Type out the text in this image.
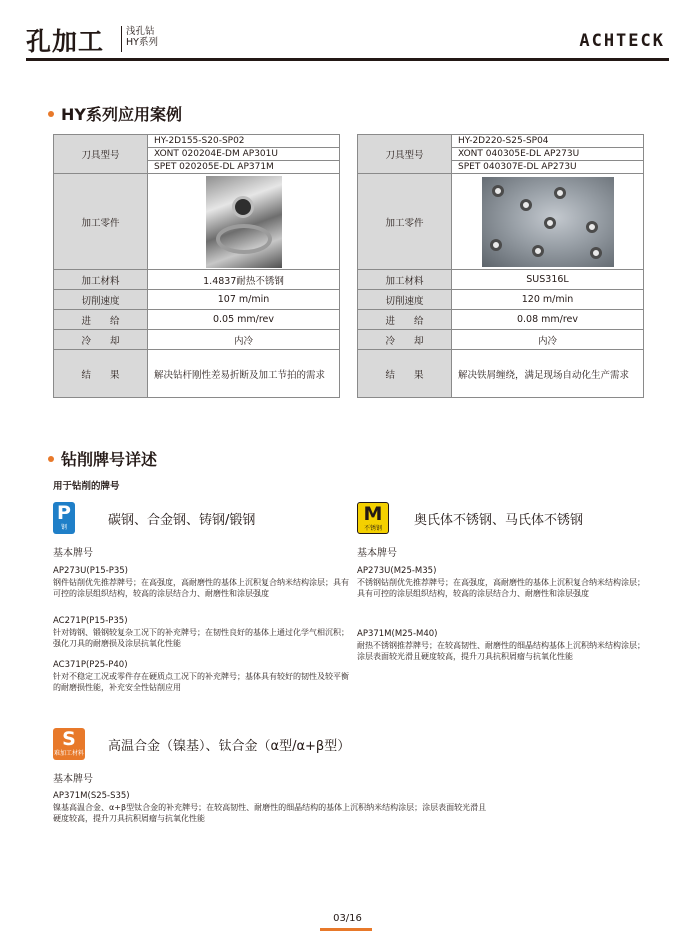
孔加工 浅孔钻
HY系列	ACHTECK
HY系列应用案例
刀具型号	HY-2D155-S20-SP02
	XONT 020204E-DM AP301U
	SPET 020205E-DL AP371M
加工零件	

加工材料	1.4837耐热不锈钢
切削速度	107 m/min
进　　给	0.05 mm/rev
冷　　却	内冷
结　　果	解决钻杆刚性差易折断及加工节拍的需求
刀具型号	HY-2D220-S25-SP04
	XONT 040305E-DL AP273U
	SPET 040307E-DL AP273U
加工零件	

加工材料	SUS316L
切削速度	120 m/min
进　　给	0.08 mm/rev
冷　　却	内冷
结　　果	解决铁屑缠绕，满足现场自动化生产需求
钻削牌号详述
用于钻削的牌号
P
钢	碳钢、合金钢、铸钢/锻钢
基本牌号
AP273U(P15-P35)
钢件钻削优先推荐牌号；在高强度，高耐磨性的基体上沉积复合纳米结构涂层；具有可控的涂层组织结构，较高的涂层结合力、耐磨性和涂层强度
AC271P(P15-P35)
针对铸钢、锻钢较复杂工况下的补充牌号；在韧性良好的基体上通过化学气相沉积；强化刀具的耐磨损及涂层抗氧化性能
AC371P(P25-P40)
针对不稳定工况或零件存在硬质点工况下的补充牌号；基体具有较好的韧性及较平衡的耐磨损性能，补充安全性钻削应用
M
不锈钢
奥氏体不锈钢、马氏体不锈钢
基本牌号
AP273U(M25-M35)
不锈钢钻削优先推荐牌号；在高强度，高耐磨性的基体上沉积复合纳米结构涂层；具有可控的涂层组织结构，较高的涂层结合力、耐磨性和涂层强度
AP371M(M25-M40)
耐热不锈钢推荐牌号；在较高韧性、耐磨性的细晶结构基体上沉积纳米结构涂层；涂层表面较光滑且硬度较高，提升刀具抗积屑瘤与抗氧化性能
S
难加工材料 高温合金（镍基）、钛合金（α型/α+β型）
基本牌号
AP371M(S25-S35)
镍基高温合金、α+β型钛合金的补充牌号；在较高韧性、耐磨性的细晶结构的基体上沉积纳米结构涂层；涂层表面较光滑且硬度较高，提升刀具抗积屑瘤与抗氧化性能
03/16
